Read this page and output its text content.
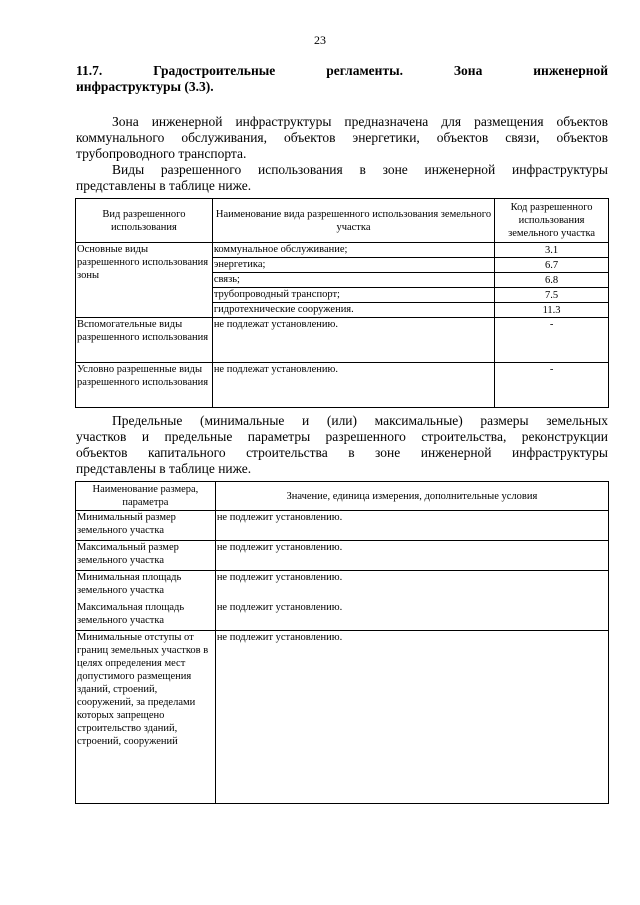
23
11.7.	Градостроительные	регламенты.	Зона	инженерной
инфраструктуры (3.3).
Зона инженерной инфраструктуры предназначена для размещения объектов
коммунального обслуживания, объектов энергетики, объектов связи, объектов
трубопроводного транспорта.
Виды разрешенного использования в зоне инженерной инфраструктуры
представлены в таблице ниже.
Вид разрешенного использования	Наименование вида разрешенного использования земельного участка	Код разрешенного использования земельного участка
Основные виды разрешенного использования зоны	коммунальное обслуживание;	3.1
	энергетика;	6.7
	связь;	6.8
	трубопроводный транспорт;	7.5
	гидротехнические сооружения.	11.3
Вспомогательные виды разрешенного использования	не подлежат установлению.	-
Условно разрешенные виды разрешенного использования	не подлежат установлению.	-
Предельные (минимальные и (или) максимальные) размеры земельных
участков и предельные параметры разрешенного строительства, реконструкции
объектов капитального строительства в зоне инженерной инфраструктуры
представлены в таблице ниже.
Наименование размера, параметра	Значение, единица измерения, дополнительные условия
Минимальный размер земельного участка	не подлежит установлению.
Максимальный размер земельного участка	не подлежит установлению.
Минимальная площадь земельного участка	не подлежит установлению.
Максимальная площадь земельного участка	не подлежит установлению.
Минимальные отступы от границ земельных участков в целях определения мест допустимого размещения зданий, строений, сооружений, за пределами которых запрещено строительство зданий, строений, сооружений	не подлежит установлению.
